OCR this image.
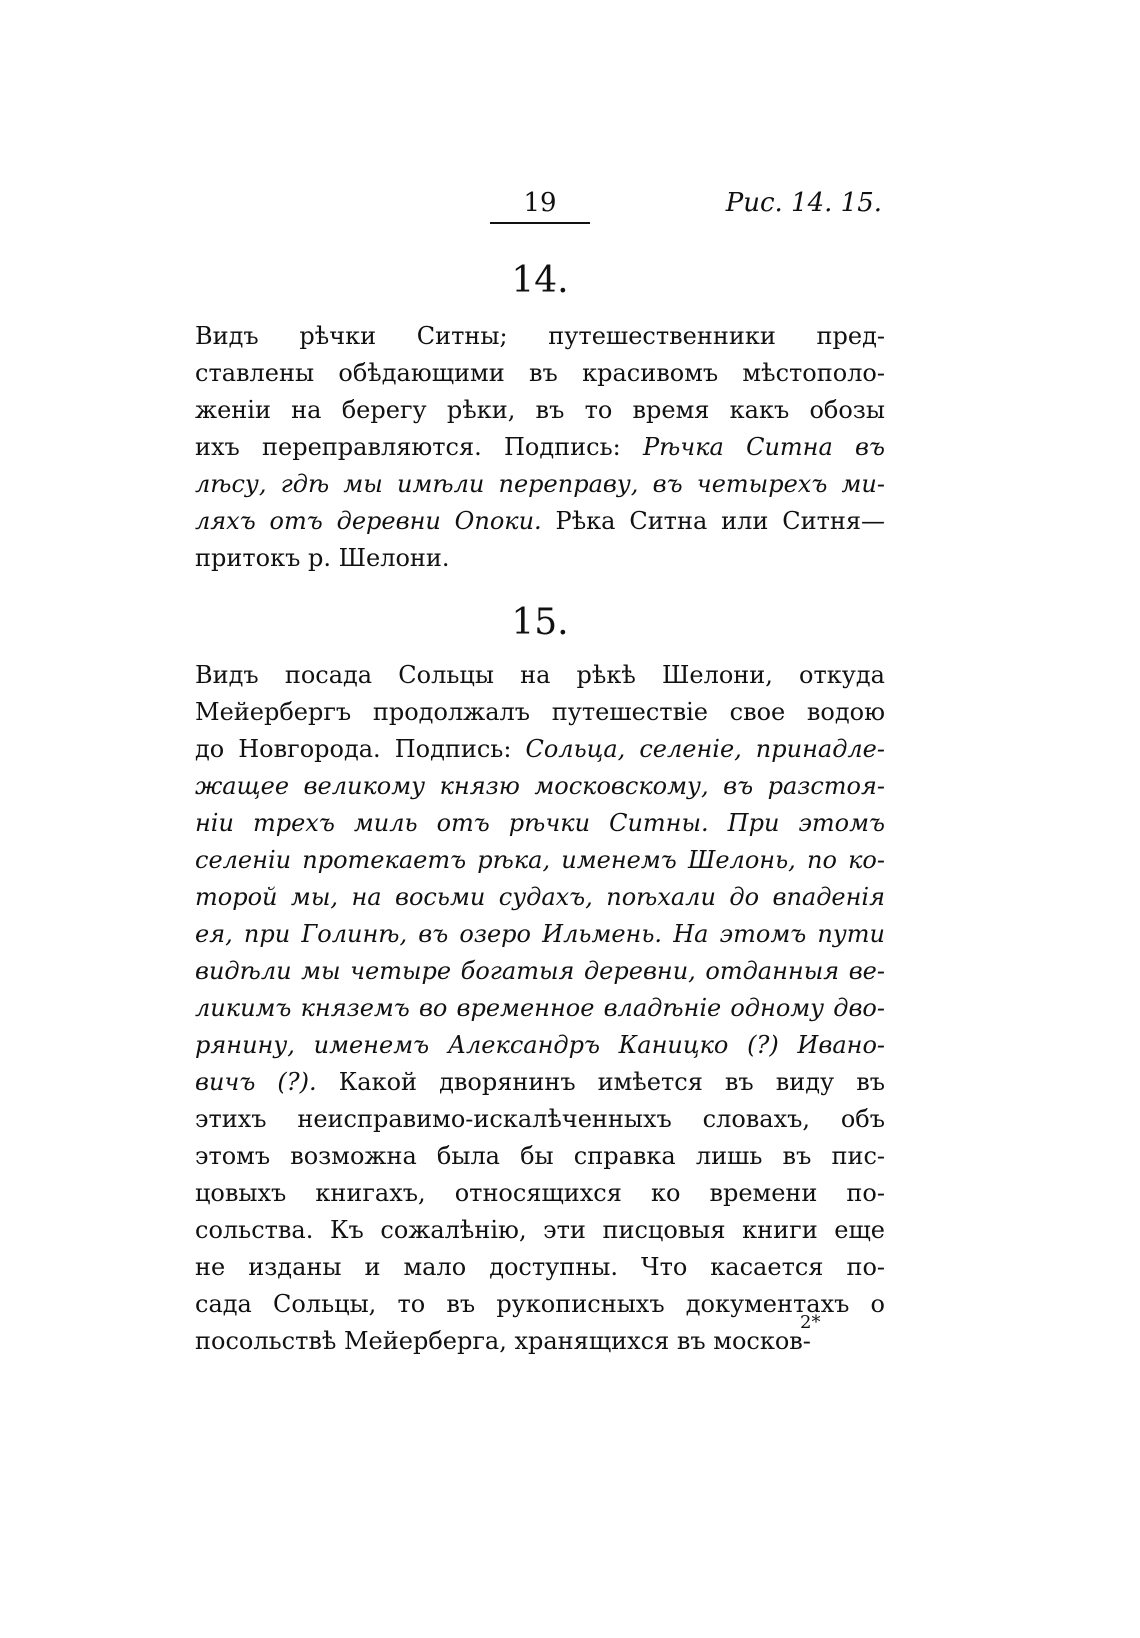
19	Рис. 14. 15.
14.
Видъ рѣчки Ситны; путешественники пред-
ставлены обѣдающими въ красивомъ мѣстополо-
женіи на берегу рѣки, въ то время какъ обозы
ихъ переправляются. Подпись: Рѣчка Ситна въ
лѣсу, гдѣ мы имѣли переправу, въ четырехъ ми-
ляхъ отъ деревни Опоки. Рѣка Ситна или Ситня—
притокъ р. Шелони.
15.
Видъ посада Сольцы на рѣкѣ Шелони, откуда
Мейербергъ продолжалъ путешествіе свое водою
до Новгорода. Подпись: Сольца, селеніе, принадле-
жащее великому князю московскому, въ разстоя-
ніи трехъ миль отъ рѣчки Ситны. При этомъ
селеніи протекаетъ рѣка, именемъ Шелонь, по ко-
торой мы, на восьми судахъ, поѣхали до впаденія
ея, при Голинѣ, въ озеро Ильмень. На этомъ пути
видѣли мы четыре богатыя деревни, отданныя ве-
ликимъ княземъ во временное владѣніе одному дво-
рянину, именемъ Александръ Каницко (?) Ивано-
вичъ (?). Какой дворянинъ имѣется въ виду въ
этихъ неисправимо-искалѣченныхъ словахъ, объ
этомъ возможна была бы справка лишь въ пис-
цовыхъ книгахъ, относящихся ко времени по-
сольства. Къ сожалѣнію, эти писцовыя книги еще
не изданы и мало доступны. Что касается по-
сада Сольцы, то въ рукописныхъ документахъ о
посольствѣ Мейерберга, хранящихся въ москов-
2*
